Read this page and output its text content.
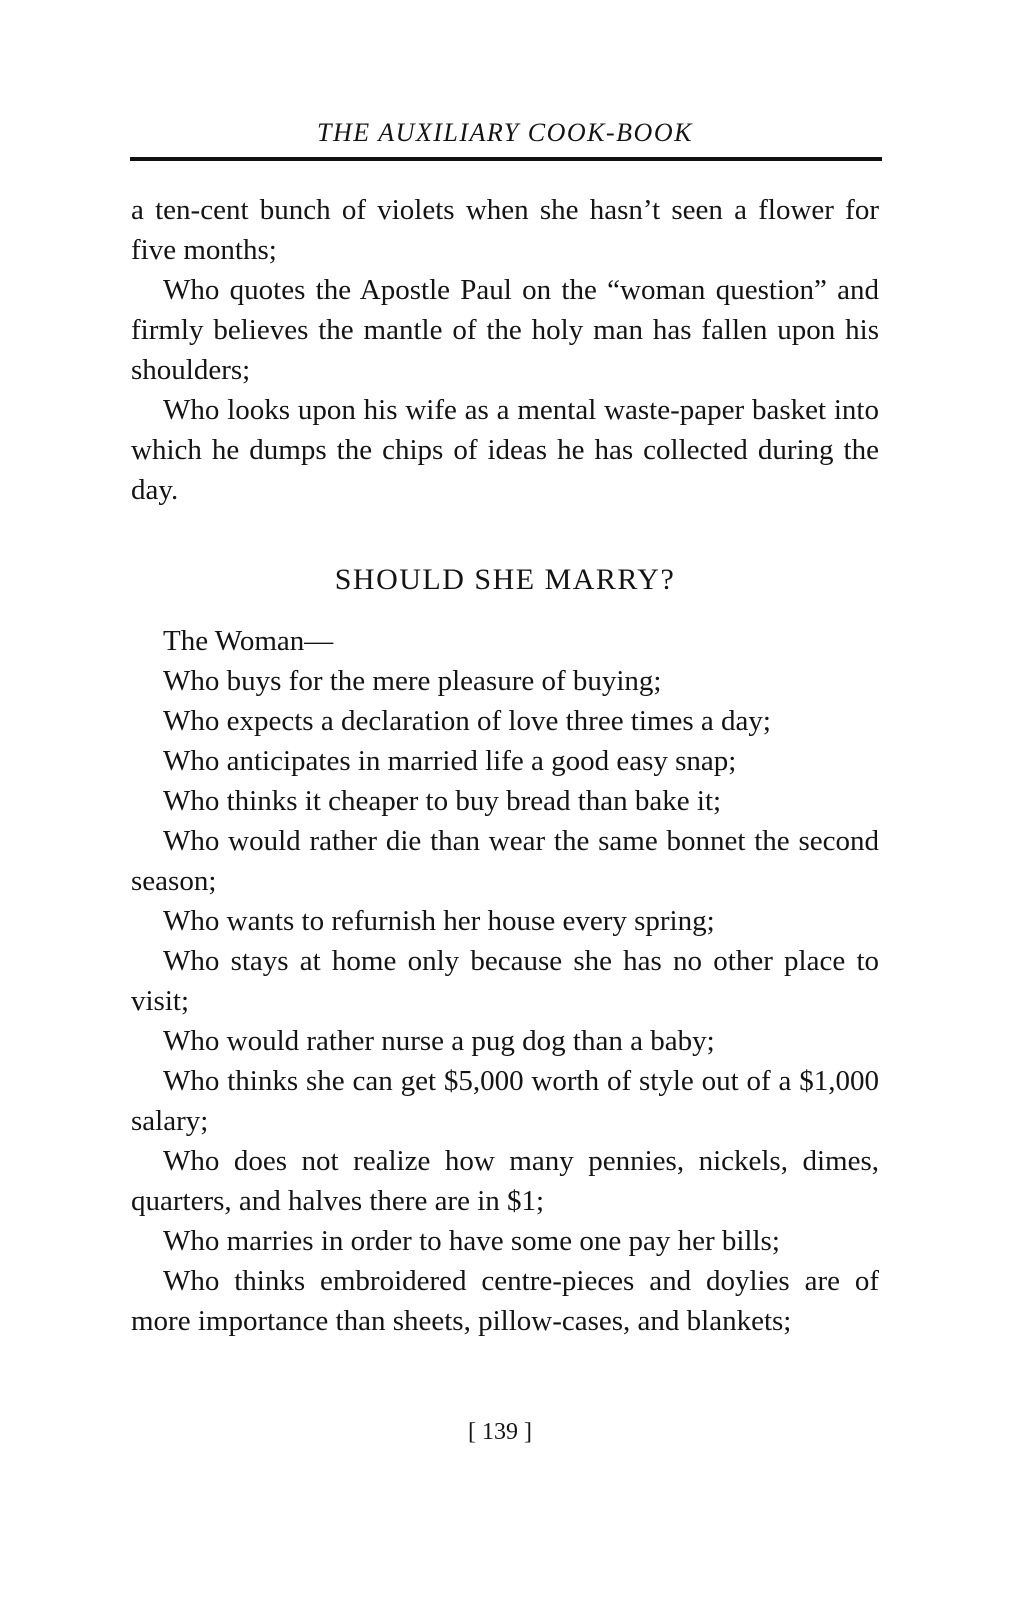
THE AUXILIARY COOK-BOOK

a ten-cent bunch of violets when she hasn’t seen a flower for five months;

Who quotes the Apostle Paul on the “woman question” and firmly believes the mantle of the holy man has fallen upon his shoulders;

Who looks upon his wife as a mental waste-paper basket into which he dumps the chips of ideas he has collected during the day.

SHOULD SHE MARRY?

The Woman—

Who buys for the mere pleasure of buying;

Who expects a declaration of love three times a day;

Who anticipates in married life a good easy snap;

Who thinks it cheaper to buy bread than bake it;

Who would rather die than wear the same bonnet the second season;

Who wants to refurnish her house every spring;

Who stays at home only because she has no other place to visit;

Who would rather nurse a pug dog than a baby;

Who thinks she can get $5,000 worth of style out of a $1,000 salary;

Who does not realize how many pennies, nickels, dimes, quarters, and halves there are in $1;

Who marries in order to have some one pay her bills;

Who thinks embroidered centre-pieces and doylies are of more importance than sheets, pillow-cases, and blankets;

[ 139 ]
